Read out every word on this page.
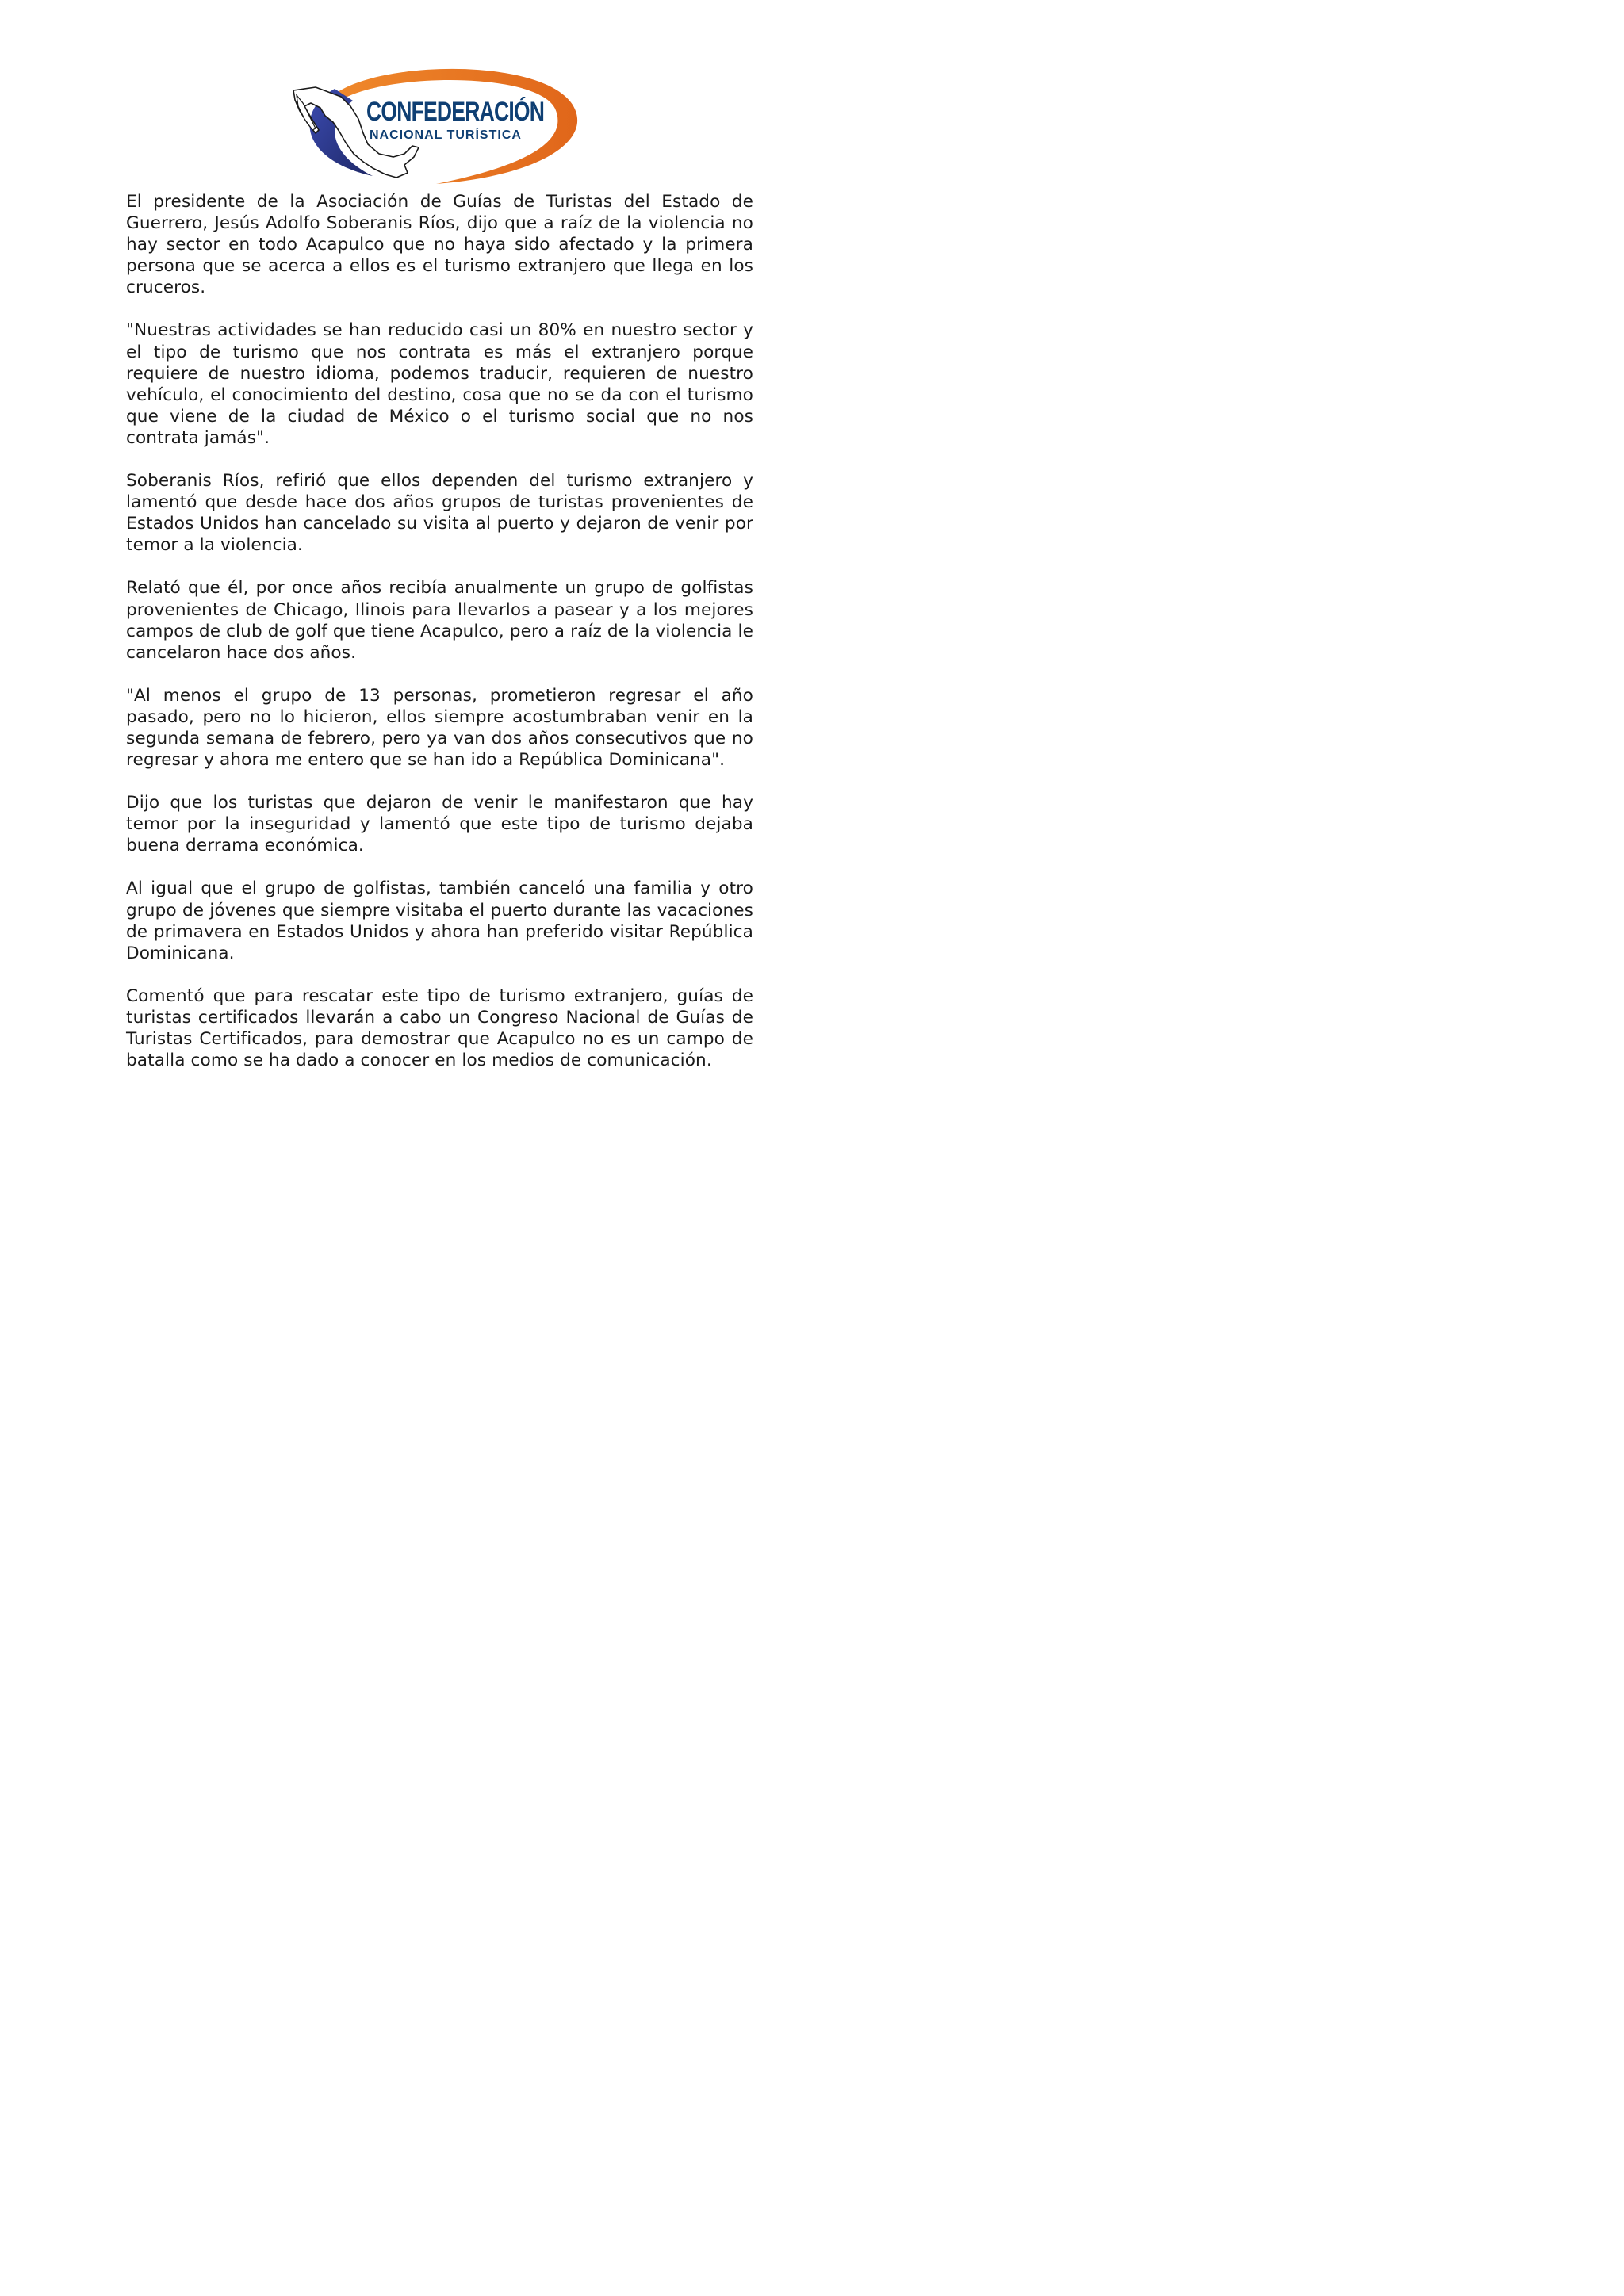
CONFEDERACIÓN
NACIONAL TURÍSTICA

El presidente de la Asociación de Guías de Turistas del Estado de Guerrero, Jesús Adolfo Soberanis Ríos, dijo que a raíz de la violencia no hay sector en todo Acapulco que no haya sido afectado y la primera persona que se acerca a ellos es el turismo extranjero que llega en los cruceros.

"Nuestras actividades se han reducido casi un 80% en nuestro sector y el tipo de turismo que nos contrata es más el extranjero porque requiere de nuestro idioma, podemos traducir, requieren de nuestro vehículo, el conocimiento del destino, cosa que no se da con el turismo que viene de la ciudad de México o el turismo social que no nos contrata jamás".

Soberanis Ríos, refirió que ellos dependen del turismo extranjero y lamentó que desde hace dos años grupos de turistas provenientes de Estados Unidos han cancelado su visita al puerto y dejaron de venir por temor a la violencia.

Relató que él, por once años recibía anualmente un grupo de golfistas provenientes de Chicago, Ilinois para llevarlos a pasear y a los mejores campos de club de golf que tiene Acapulco, pero a raíz de la violencia le cancelaron hace dos años.

"Al menos el grupo de 13 personas, prometieron regresar el año pasado, pero no lo hicieron, ellos siempre acostumbraban venir en la segunda semana de febrero, pero ya van dos años consecutivos que no regresar y ahora me entero que se han ido a República Dominicana".

Dijo que los turistas que dejaron de venir le manifestaron que hay temor por la inseguridad y lamentó que este tipo de turismo dejaba buena derrama económica.

Al igual que el grupo de golfistas, también canceló una familia y otro grupo de jóvenes que siempre visitaba el puerto durante las vacaciones de primavera en Estados Unidos y ahora han preferido visitar República Dominicana.

Comentó que para rescatar este tipo de turismo extranjero, guías de turistas certificados llevarán a cabo un Congreso Nacional de Guías de Turistas Certificados, para demostrar que Acapulco no es un campo de batalla como se ha dado a conocer en los medios de comunicación.
